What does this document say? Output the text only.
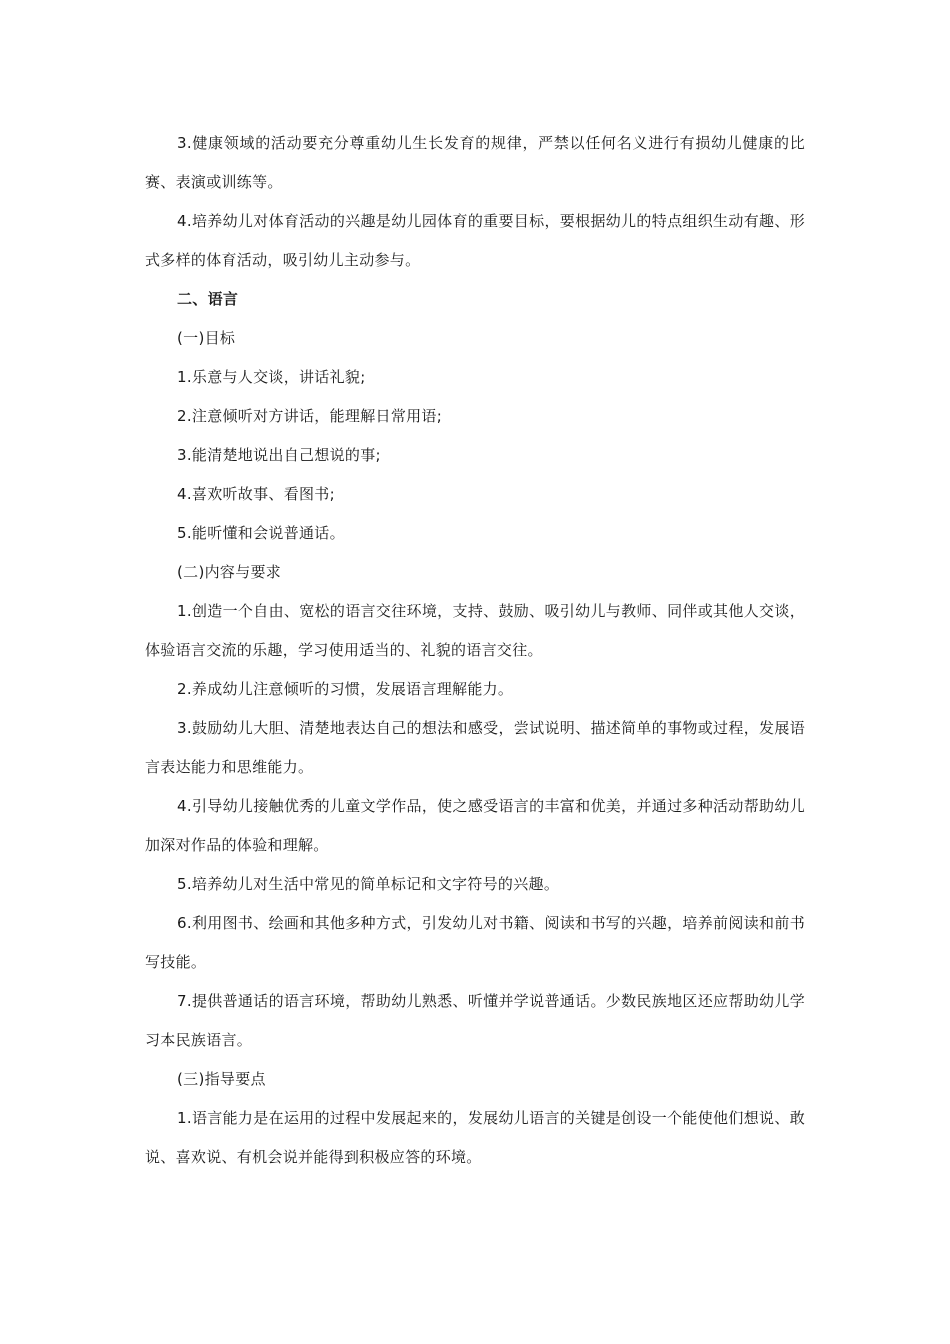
3.健康领域的活动要充分尊重幼儿生长发育的规律，严禁以任何名义进行有损幼儿健康的比赛、表演或训练等。

4.培养幼儿对体育活动的兴趣是幼儿园体育的重要目标，要根据幼儿的特点组织生动有趣、形式多样的体育活动，吸引幼儿主动参与。

二、语言

(一)目标

1.乐意与人交谈，讲话礼貌;

2.注意倾听对方讲话，能理解日常用语;

3.能清楚地说出自己想说的事;

4.喜欢听故事、看图书;

5.能听懂和会说普通话。

(二)内容与要求

1.创造一个自由、宽松的语言交往环境，支持、鼓励、吸引幼儿与教师、同伴或其他人交谈，体验语言交流的乐趣，学习使用适当的、礼貌的语言交往。

2.养成幼儿注意倾听的习惯，发展语言理解能力。

3.鼓励幼儿大胆、清楚地表达自己的想法和感受，尝试说明、描述简单的事物或过程，发展语言表达能力和思维能力。

4.引导幼儿接触优秀的儿童文学作品，使之感受语言的丰富和优美，并通过多种活动帮助幼儿加深对作品的体验和理解。

5.培养幼儿对生活中常见的简单标记和文字符号的兴趣。

6.利用图书、绘画和其他多种方式，引发幼儿对书籍、阅读和书写的兴趣，培养前阅读和前书写技能。

7.提供普通话的语言环境，帮助幼儿熟悉、听懂并学说普通话。少数民族地区还应帮助幼儿学习本民族语言。

(三)指导要点

1.语言能力是在运用的过程中发展起来的，发展幼儿语言的关键是创设一个能使他们想说、敢说、喜欢说、有机会说并能得到积极应答的环境。
